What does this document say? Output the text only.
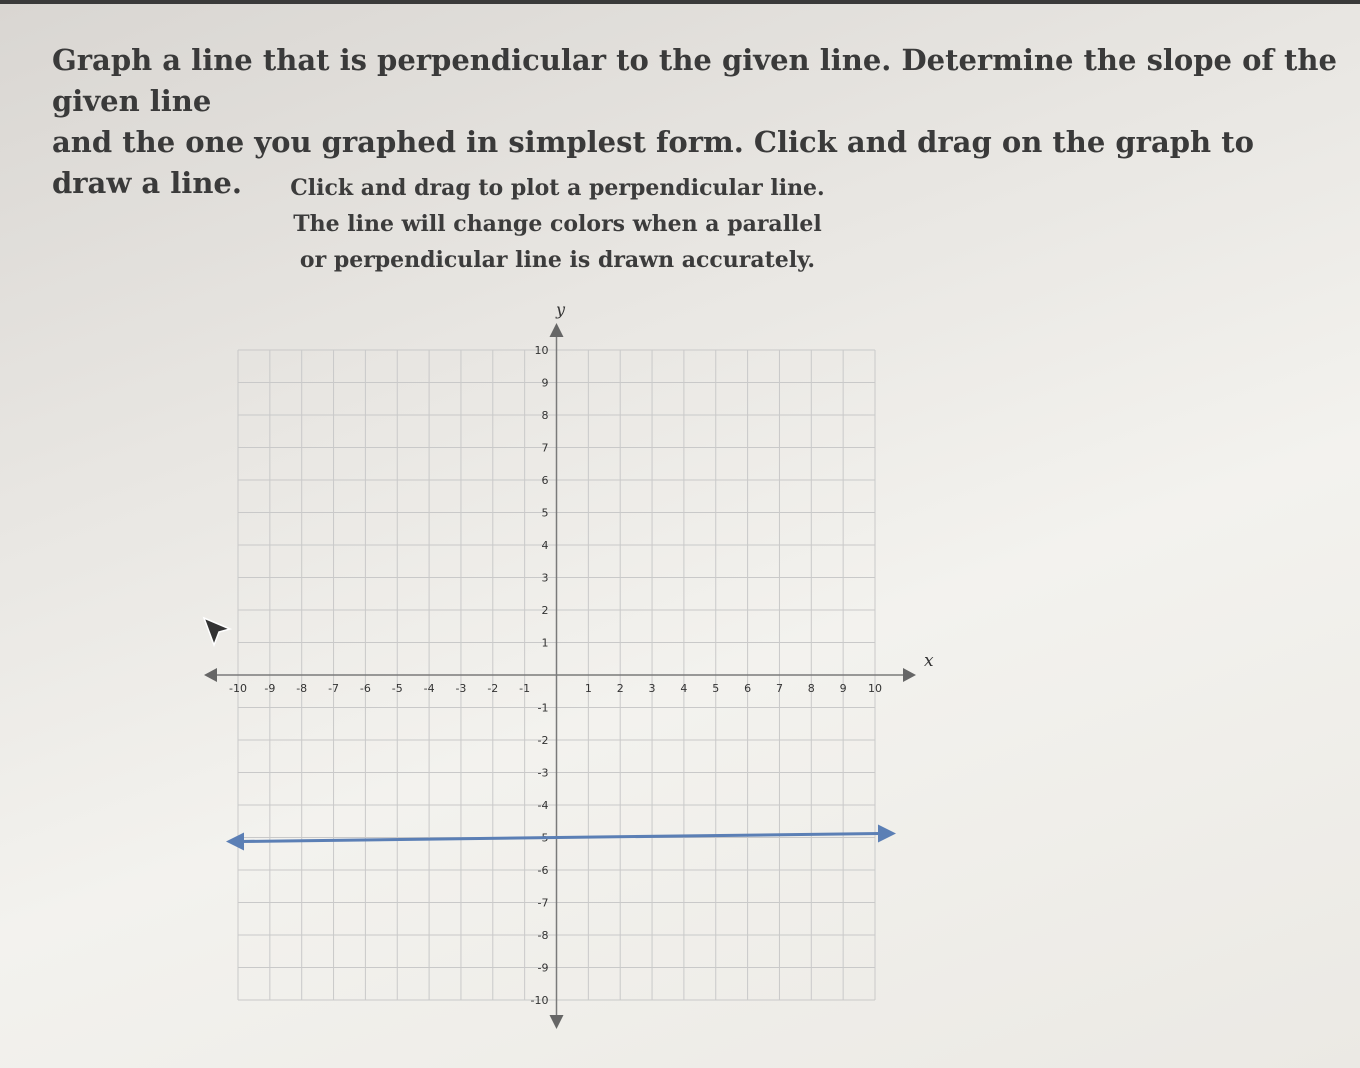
Graph a line that is perpendicular to the given line. Determine the slope of the given line
and the one you graphed in simplest form. Click and drag on the graph to draw a line.	Click and drag to plot a perpendicular line.
The line will change colors when a parallel
or perpendicular line is drawn accurately.
-10 -9 -8 -7 -6 -5 -4 -3 -2 -1	1 2 3 4 5 6 7 8 9 10
10
9
8
7
6
5
4
3
2
1
-1
-2
-3
-4
-6
-7
-8
-9
-10
x
y
